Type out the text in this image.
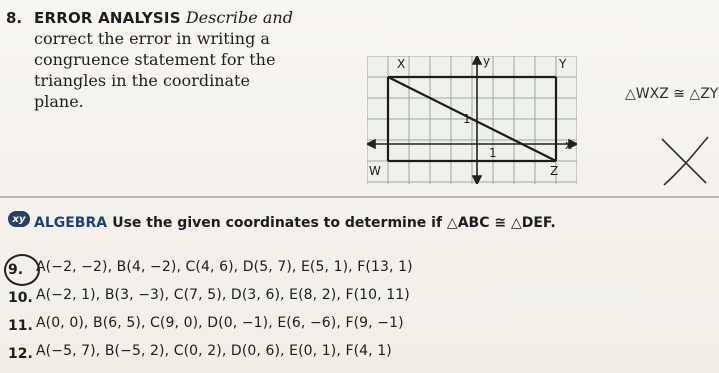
8. ERROR ANALYSIS Describe and
correct the error in writing a
congruence statement for the
triangles in the coordinate
plane.
X	y	Y
1
1
x
W	Z
△WXZ ≅ △ZY
xy ALGEBRA Use the given coordinates to determine if △ABC ≅ △DEF.
9. A(−2, −2), B(4, −2), C(4, 6), D(5, 7), E(5, 1), F(13, 1)
10. A(−2, 1), B(3, −3), C(7, 5), D(3, 6), E(8, 2), F(10, 11)
11. A(0, 0), B(6, 5), C(9, 0), D(0, −1), E(6, −6), F(9, −1)
12. A(−5, 7), B(−5, 2), C(0, 2), D(0, 6), E(0, 1), F(4, 1)
